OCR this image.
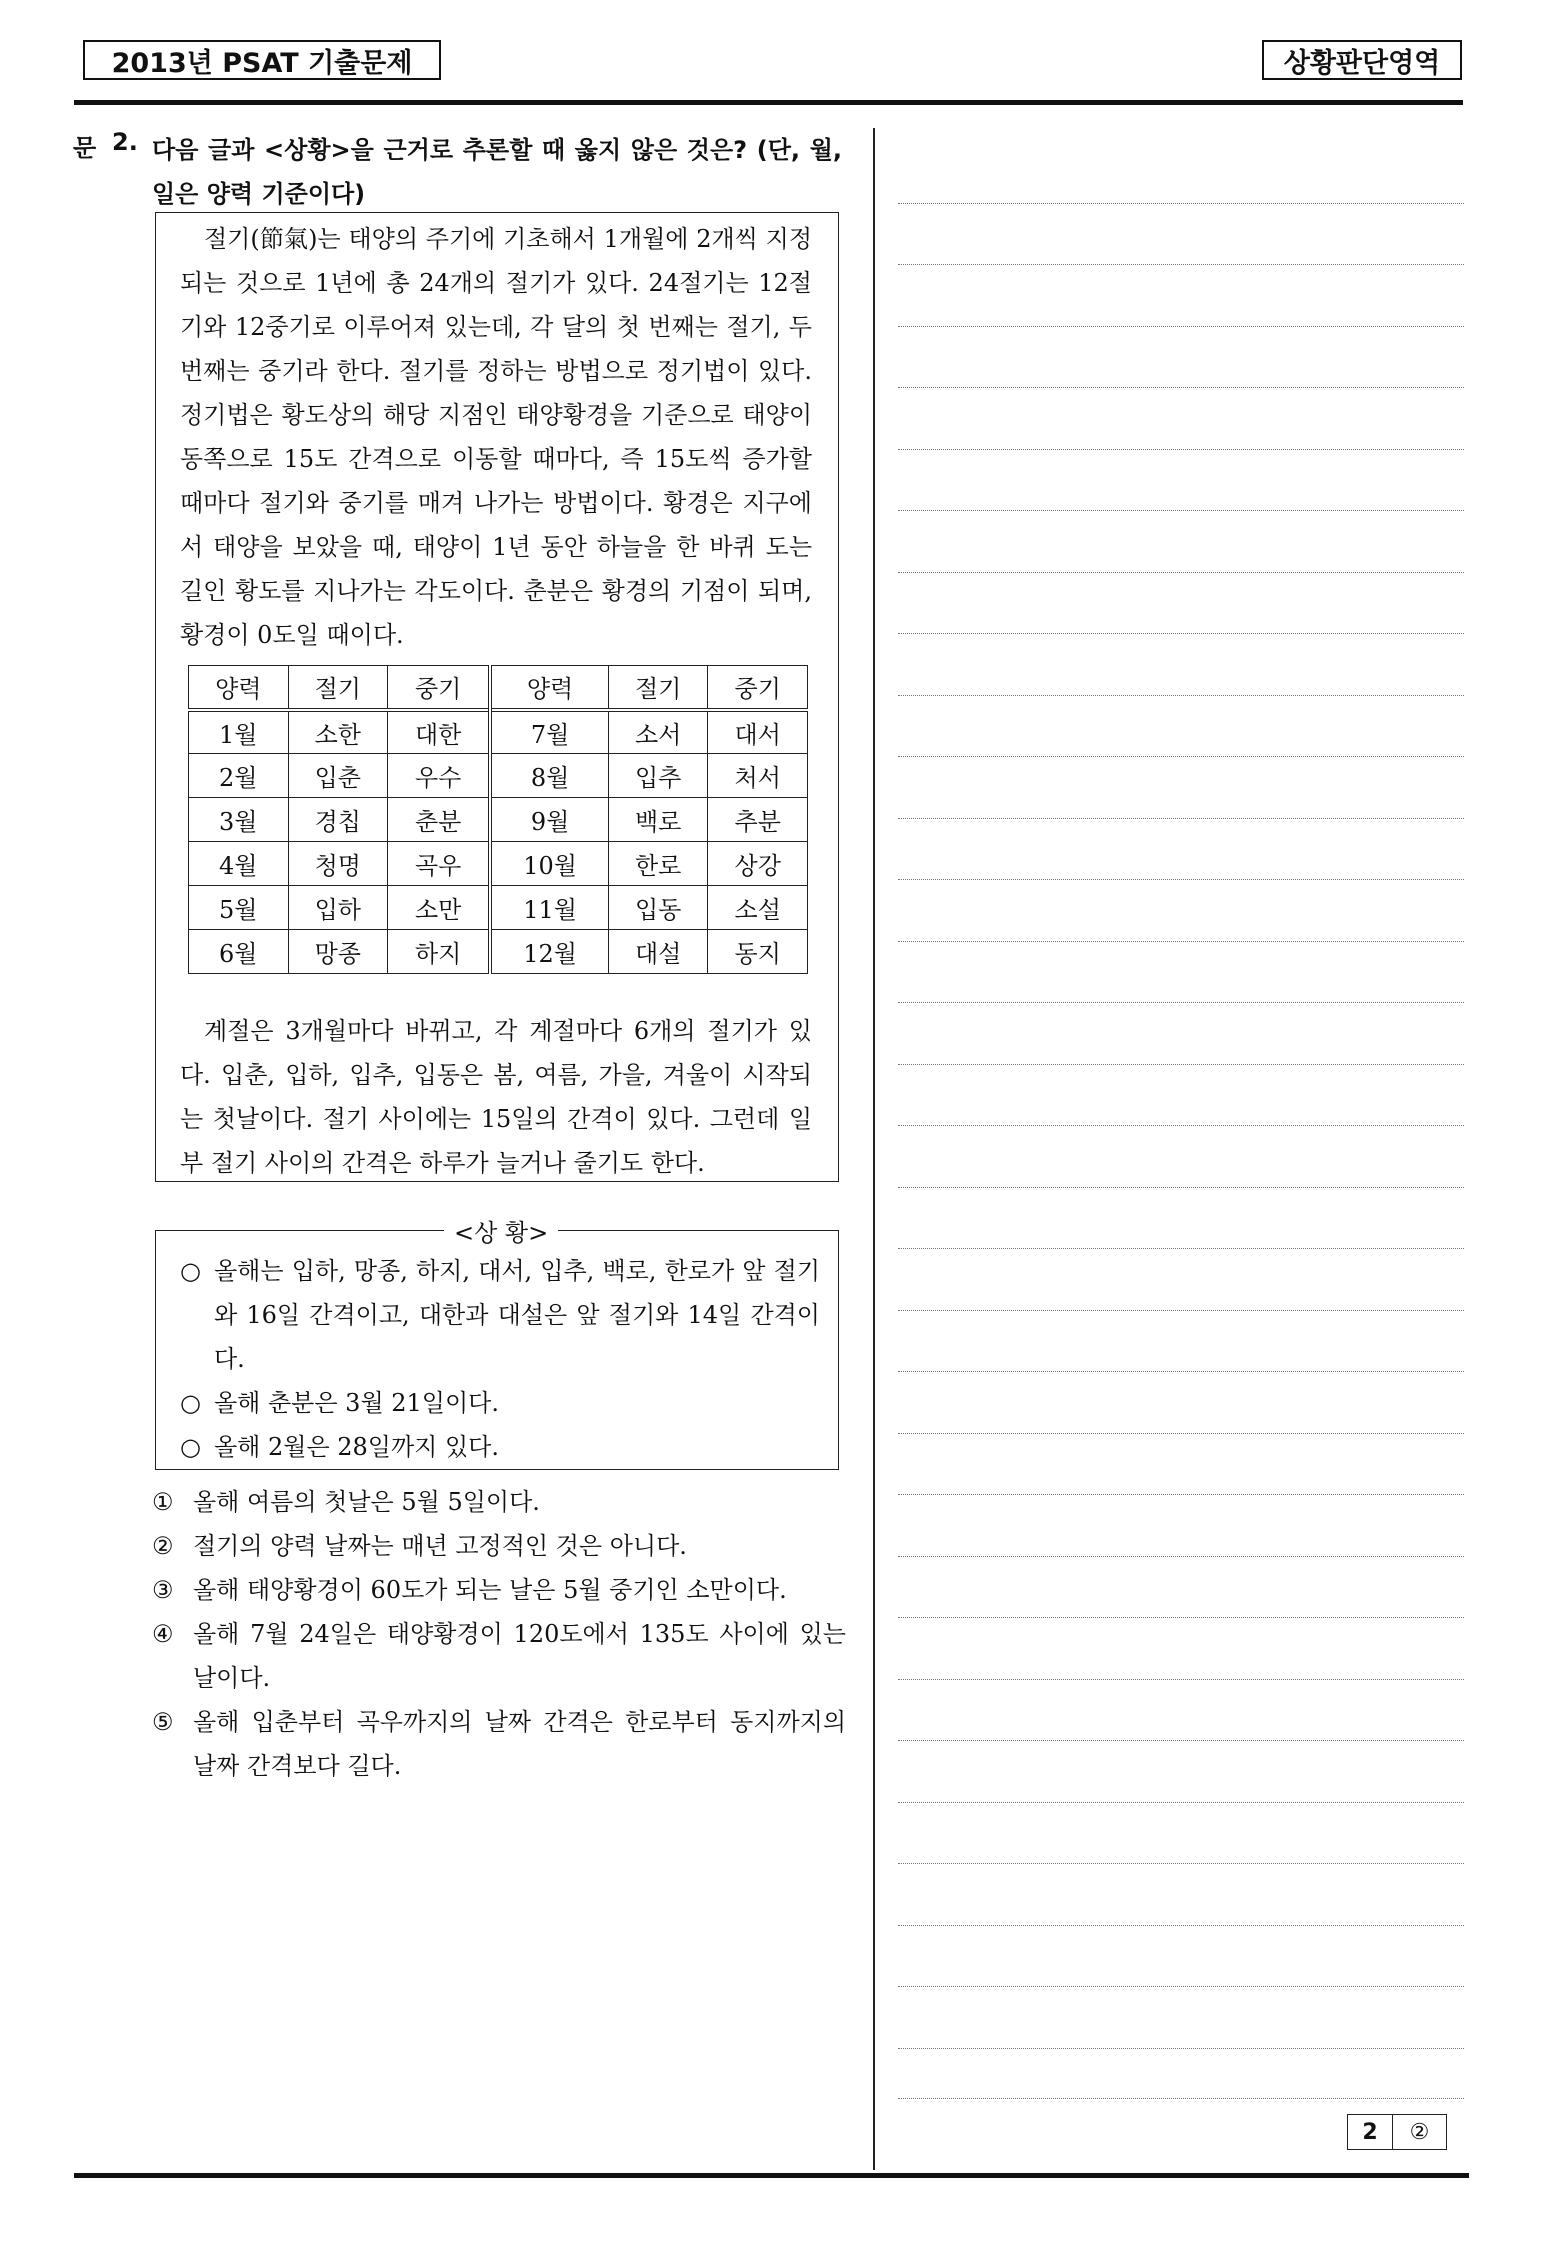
2013년 PSAT 기출문제	상황판단영역
문 2. 다음 글과 <상황>을 근거로 추론할 때 옳지 않은 것은? (단, 월, 일은 양력 기준이다)

절기(節氣)는 태양의 주기에 기초해서 1개월에 2개씩 지정되는 것으로 1년에 총 24개의 절기가 있다. 24절기는 12절기와 12중기로 이루어져 있는데, 각 달의 첫 번째는 절기, 두 번째는 중기라 한다. 절기를 정하는 방법으로 정기법이 있다. 정기법은 황도상의 해당 지점인 태양황경을 기준으로 태양이 동쪽으로 15도 간격으로 이동할 때마다, 즉 15도씩 증가할 때마다 절기와 중기를 매겨 나가는 방법이다. 황경은 지구에서 태양을 보았을 때, 태양이 1년 동안 하늘을 한 바퀴 도는 길인 황도를 지나가는 각도이다. 춘분은 황경의 기점이 되며, 황경이 0도일 때이다.

양력	절기	중기	양력	절기	중기
1월	소한	대한	7월	소서	대서
2월	입춘	우수	8월	입추	처서
3월	경칩	춘분	9월	백로	추분
4월	청명	곡우	10월	한로	상강
5월	입하	소만	11월	입동	소설
6월	망종	하지	12월	대설	동지

계절은 3개월마다 바뀌고, 각 계절마다 6개의 절기가 있다. 입춘, 입하, 입추, 입동은 봄, 여름, 가을, 겨울이 시작되는 첫날이다. 절기 사이에는 15일의 간격이 있다. 그런데 일부 절기 사이의 간격은 하루가 늘거나 줄기도 한다.

<상 황>

○ 올해는 입하, 망종, 하지, 대서, 입추, 백로, 한로가 앞 절기와 16일 간격이고, 대한과 대설은 앞 절기와 14일 간격이다.

○ 올해 춘분은 3월 21일이다.

○ 올해 2월은 28일까지 있다.

① 올해 여름의 첫날은 5월 5일이다.

② 절기의 양력 날짜는 매년 고정적인 것은 아니다.

③ 올해 태양황경이 60도가 되는 날은 5월 중기인 소만이다.

④ 올해 7월 24일은 태양황경이 120도에서 135도 사이에 있는 날이다.

⑤ 올해 입춘부터 곡우까지의 날짜 간격은 한로부터 동지까지의 날짜 간격보다 길다.

2	②
